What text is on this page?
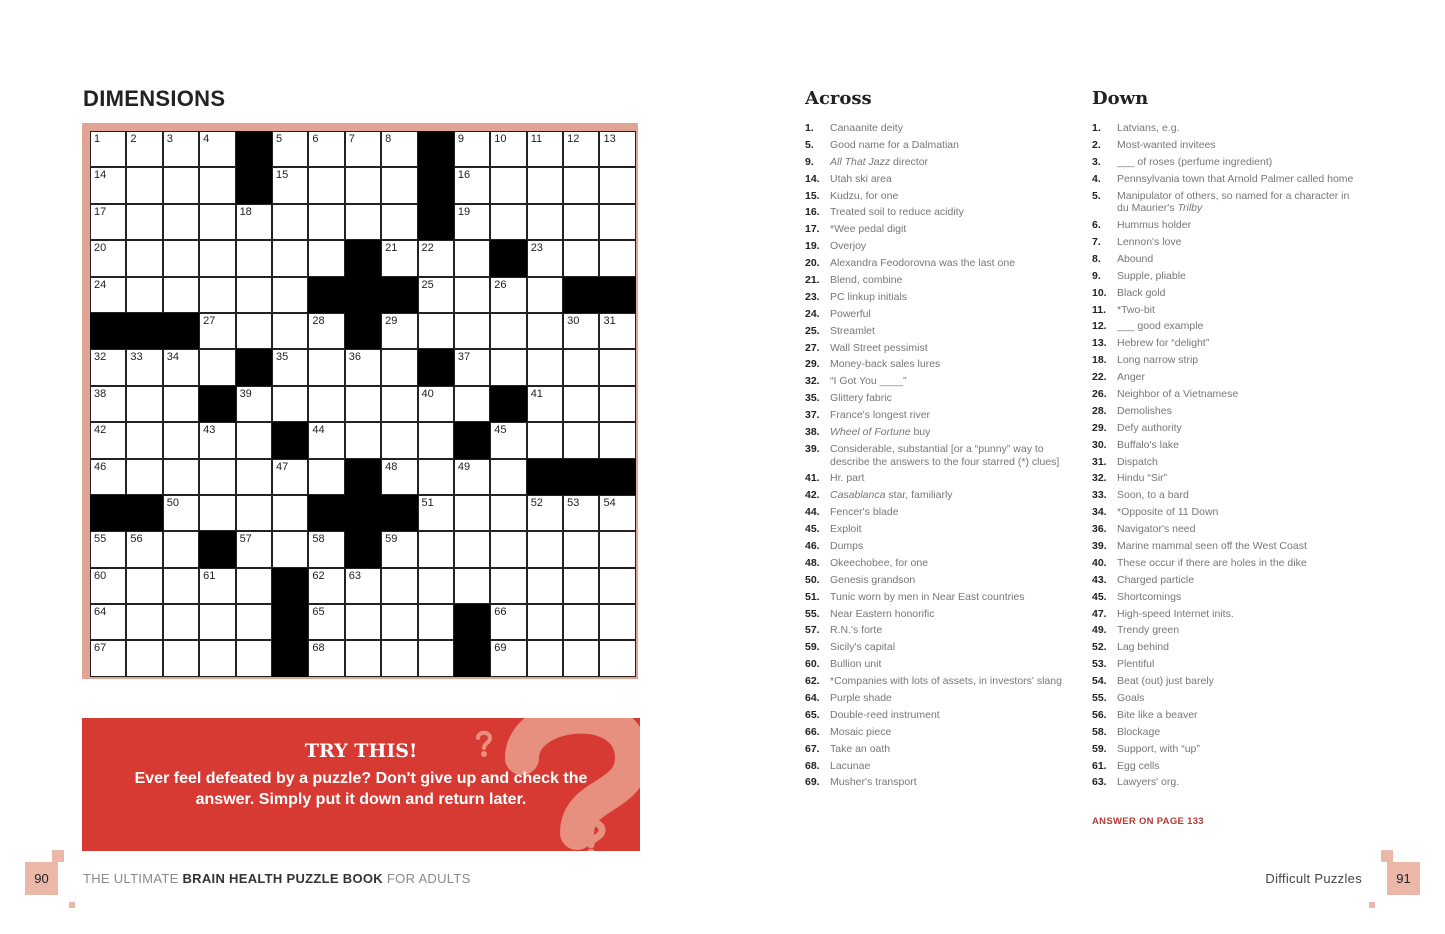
DIMENSIONS
1	2	3	4	5	6	7	8	9	10 11 12 13
14	15	16
17	18	19
20	21 22	23
24	25	26
27	28	29	30 31
32 33 34	35	36	37
38	39	40	41
42	43	44	45
46	47	48	49
50	51	52 53 54
55 56	57	58	59
60	61	62 63
64	65	66
67	68	69
TRY THIS!
Ever feel defeated by a puzzle? Don't give up and check the answer. Simply put it down and return later.
Across
1.	Canaanite deity
5.	Good name for a Dalmatian
9.	All That Jazz director
14. Utah ski area
15. Kudzu, for one
16. Treated soil to reduce acidity
17. *Wee pedal digit
19. Overjoy
20. Alexandra Feodorovna was the last one
21. Blend, combine
23. PC linkup initials
24. Powerful
25. Streamlet
27. Wall Street pessimist
29. Money-back sales lures
32. “I Got You ____”
35. Glittery fabric
37. France's longest river
38. Wheel of Fortune buy
39. Considerable, substantial [or a “punny” way to describe the answers to the four starred (*) clues]
41. Hr. part
42. Casablanca star, familiarly
44. Fencer's blade
45. Exploit
46. Dumps
48. Okeechobee, for one
50. Genesis grandson
51. Tunic worn by men in Near East countries
55. Near Eastern honorific
57. R.N.'s forte
59. Sicily's capital
60. Bullion unit
62. *Companies with lots of assets, in investors' slang
64. Purple shade
65. Double-reed instrument
66. Mosaic piece
67. Take an oath
68. Lacunae
69. Musher's transport
Down
1.	Latvians, e.g.
2.	Most-wanted invitees
3.	___ of roses (perfume ingredient)
4.	Pennsylvania town that Arnold Palmer called home
5.	Manipulator of others, so named for a character in du Maurier's Trilby
6.	Hummus holder
7.	Lennon's love
8.	Abound
9.	Supple, pliable
10. Black gold
11.	*Two-bit
12. ___ good example
13. Hebrew for “delight”
18. Long narrow strip
22. Anger
26. Neighbor of a Vietnamese
28. Demolishes
29. Defy authority
30. Buffalo's lake
31. Dispatch
32. Hindu “Sir”
33. Soon, to a bard
34. *Opposite of 11 Down
36. Navigator's need
39. Marine mammal seen off the West Coast
40. These occur if there are holes in the dike
43. Charged particle
45. Shortcomings
47. High-speed Internet inits.
49. Trendy green
52. Lag behind
53. Plentiful
54. Beat (out) just barely
55. Goals
56. Bite like a beaver
58. Blockage
59. Support, with “up”
61. Egg cells
63. Lawyers' org.
ANSWER ON PAGE 133
90	THE ULTIMATE BRAIN HEALTH PUZZLE BOOK FOR ADULTS	Difficult Puzzles	91
